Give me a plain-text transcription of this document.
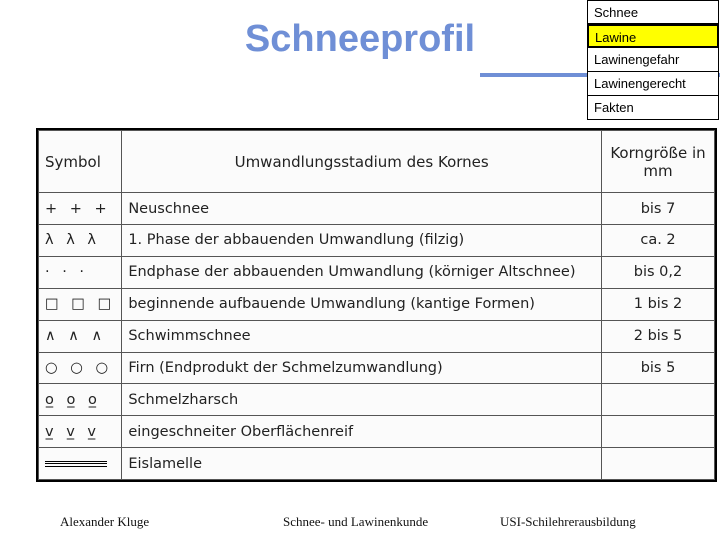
Schneeprofil
Schnee
Lawine
Lawinengefahr
Lawinengerecht
Fakten
Symbol	Umwandlungsstadium des Kornes	Korngröße in mm
+ + +	Neuschnee	bis 7
λ λ λ	1. Phase der abbauenden Umwandlung (filzig)	ca. 2
· · ·	Endphase der abbauenden Umwandlung (körniger Altschnee)	bis 0,2
□ □ □	beginnende aufbauende Umwandlung (kantige Formen)	1 bis 2
∧ ∧ ∧	Schwimmschnee	2 bis 5
○ ○ ○	Firn (Endprodukt der Schmelzumwandlung)	bis 5
o̲ o̲ o̲	Schmelzharsch	
v̲ v̲ v̲	eingeschneiter Oberflächenreif	

	Eislamelle	
Alexander Kluge	Schnee- und Lawinenkunde	USI-Schilehrerausbildung
